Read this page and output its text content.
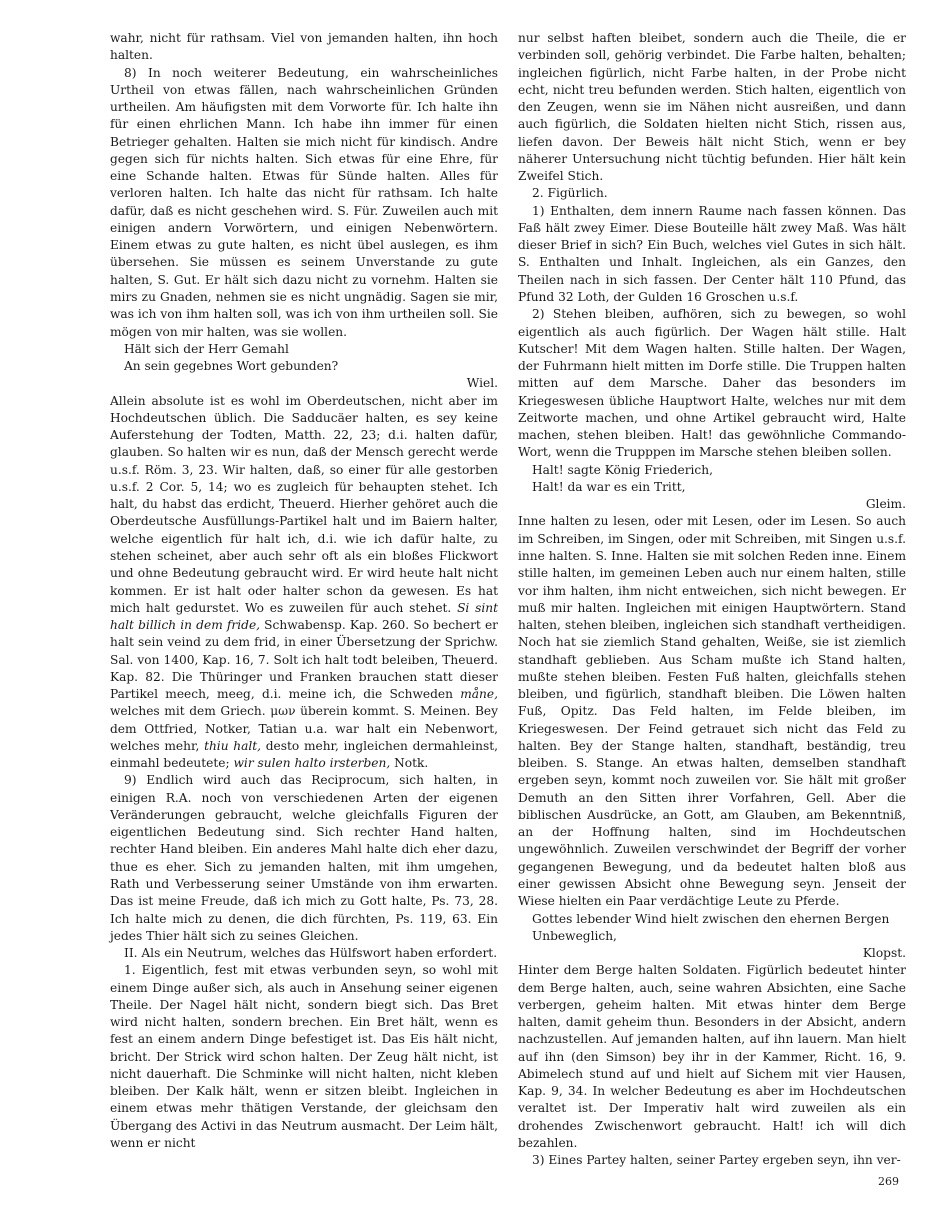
wahr, nicht für rathsam. Viel von jemanden halten, ihn hoch halten.

8) In noch weiterer Bedeutung, ein wahrscheinliches Urtheil von etwas fällen, nach wahrscheinlichen Gründen urtheilen. Am häufigsten mit dem Vorworte für. Ich halte ihn für einen ehrlichen Mann. Ich habe ihn immer für einen Betrieger gehalten. Halten sie mich nicht für kindisch. Andre gegen sich für nichts halten. Sich etwas für eine Ehre, für eine Schande halten. Etwas für Sünde halten. Alles für verloren halten. Ich halte das nicht für rathsam. Ich halte dafür, daß es nicht geschehen wird. S. Für. Zuweilen auch mit einigen andern Vorwörtern, und einigen Nebenwörtern. Einem etwas zu gute halten, es nicht übel auslegen, es ihm übersehen. Sie müssen es seinem Unverstande zu gute halten, S. Gut. Er hält sich dazu nicht zu vornehm. Halten sie mirs zu Gnaden, nehmen sie es nicht ungnädig. Sagen sie mir, was ich von ihm halten soll, was ich von ihm urtheilen soll. Sie mögen von mir halten, was sie wollen.

Hält sich der Herr Gemahl

An sein gegebnes Wort gebunden?

Wiel.

Allein absolute ist es wohl im Oberdeutschen, nicht aber im Hochdeutschen üblich. Die Sadducäer halten, es sey keine Auferstehung der Todten, Matth. 22, 23; d.i. halten dafür, glauben. So halten wir es nun, daß der Mensch gerecht werde u.s.f. Röm. 3, 23. Wir halten, daß, so einer für alle gestorben u.s.f. 2 Cor. 5, 14; wo es zugleich für behaupten stehet. Ich halt, du habst das erdicht, Theuerd. Hierher gehöret auch die Oberdeutsche Ausfüllungs-Partikel halt und im Baiern halter, welche eigentlich für halt ich, d.i. wie ich dafür halte, zu stehen scheinet, aber auch sehr oft als ein bloßes Flickwort und ohne Bedeutung gebraucht wird. Er wird heute halt nicht kommen. Er ist halt oder halter schon da gewesen. Es hat mich halt gedurstet. Wo es zuweilen für auch stehet. Si sint halt billich in dem fride, Schwabensp. Kap. 260. So bechert er halt sein veind zu dem frid, in einer Übersetzung der Sprichw. Sal. von 1400, Kap. 16, 7. Solt ich halt todt beleiben, Theuerd. Kap. 82. Die Thüringer und Franken brauchen statt dieser Partikel meech, meeg, d.i. meine ich, die Schweden måne, welches mit dem Griech. μων überein kommt. S. Meinen. Bey dem Ottfried, Notker, Tatian u.a. war halt ein Nebenwort, welches mehr, thiu halt, desto mehr, ingleichen dermahleinst, einmahl bedeutete; wir sulen halto irsterben, Notk.

9) Endlich wird auch das Reciprocum, sich halten, in einigen R.A. noch von verschiedenen Arten der eigenen Veränderungen gebraucht, welche gleichfalls Figuren der eigentlichen Bedeutung sind. Sich rechter Hand halten, rechter Hand bleiben. Ein anderes Mahl halte dich eher dazu, thue es eher. Sich zu jemanden halten, mit ihm umgehen, Rath und Verbesserung seiner Umstände von ihm erwarten. Das ist meine Freude, daß ich mich zu Gott halte, Ps. 73, 28. Ich halte mich zu denen, die dich fürchten, Ps. 119, 63. Ein jedes Thier hält sich zu seines Gleichen.

II. Als ein Neutrum, welches das Hülfswort haben erfordert.

1. Eigentlich, fest mit etwas verbunden seyn, so wohl mit einem Dinge außer sich, als auch in Ansehung seiner eigenen Theile. Der Nagel hält nicht, sondern biegt sich. Das Bret wird nicht halten, sondern brechen. Ein Bret hält, wenn es fest an einem andern Dinge befestiget ist. Das Eis hält nicht, bricht. Der Strick wird schon halten. Der Zeug hält nicht, ist nicht dauerhaft. Die Schminke will nicht halten, nicht kleben bleiben. Der Kalk hält, wenn er sitzen bleibt. Ingleichen in einem etwas mehr thätigen Verstande, der gleichsam den Übergang des Activi in das Neutrum ausmacht. Der Leim hält, wenn er nicht

nur selbst haften bleibet, sondern auch die Theile, die er verbinden soll, gehörig verbindet. Die Farbe halten, behalten; ingleichen figürlich, nicht Farbe halten, in der Probe nicht echt, nicht treu befunden werden. Stich halten, eigentlich von den Zeugen, wenn sie im Nähen nicht ausreißen, und dann auch figürlich, die Soldaten hielten nicht Stich, rissen aus, liefen davon. Der Beweis hält nicht Stich, wenn er bey näherer Untersuchung nicht tüchtig befunden. Hier hält kein Zweifel Stich.

2. Figürlich.

1) Enthalten, dem innern Raume nach fassen können. Das Faß hält zwey Eimer. Diese Bouteille hält zwey Maß. Was hält dieser Brief in sich? Ein Buch, welches viel Gutes in sich hält. S. Enthalten und Inhalt. Ingleichen, als ein Ganzes, den Theilen nach in sich fassen. Der Center hält 110 Pfund, das Pfund 32 Loth, der Gulden 16 Groschen u.s.f.

2) Stehen bleiben, aufhören, sich zu bewegen, so wohl eigentlich als auch figürlich. Der Wagen hält stille. Halt Kutscher! Mit dem Wagen halten. Stille halten. Der Wagen, der Fuhrmann hielt mitten im Dorfe stille. Die Truppen halten mitten auf dem Marsche. Daher das besonders im Kriegeswesen übliche Hauptwort Halte, welches nur mit dem Zeitworte machen, und ohne Artikel gebraucht wird, Halte machen, stehen bleiben. Halt! das gewöhnliche Commando-Wort, wenn die Trupppen im Marsche stehen bleiben sollen.

Halt! sagte König Friederich,

Halt! da war es ein Tritt,

Gleim.

Inne halten zu lesen, oder mit Lesen, oder im Lesen. So auch im Schreiben, im Singen, oder mit Schreiben, mit Singen u.s.f. inne halten. S. Inne. Halten sie mit solchen Reden inne. Einem stille halten, im gemeinen Leben auch nur einem halten, stille vor ihm halten, ihm nicht entweichen, sich nicht bewegen. Er muß mir halten. Ingleichen mit einigen Hauptwörtern. Stand halten, stehen bleiben, ingleichen sich standhaft vertheidigen. Noch hat sie ziemlich Stand gehalten, Weiße, sie ist ziemlich standhaft geblieben. Aus Scham mußte ich Stand halten, mußte stehen bleiben. Festen Fuß halten, gleichfalls stehen bleiben, und figürlich, standhaft bleiben. Die Löwen halten Fuß, Opitz. Das Feld halten, im Felde bleiben, im Kriegeswesen. Der Feind getrauet sich nicht das Feld zu halten. Bey der Stange halten, standhaft, beständig, treu bleiben. S. Stange. An etwas halten, demselben standhaft ergeben seyn, kommt noch zuweilen vor. Sie hält mit großer Demuth an den Sitten ihrer Vorfahren, Gell. Aber die biblischen Ausdrücke, an Gott, am Glauben, am Bekenntniß, an der Hoffnung halten, sind im Hochdeutschen ungewöhnlich. Zuweilen verschwindet der Begriff der vorher gegangenen Bewegung, und da bedeutet halten bloß aus einer gewissen Absicht ohne Bewegung seyn. Jenseit der Wiese hielten ein Paar verdächtige Leute zu Pferde.

Gottes lebender Wind hielt zwischen den ehernen Bergen

Unbeweglich,

Klopst.

Hinter dem Berge halten Soldaten. Figürlich bedeutet hinter dem Berge halten, auch, seine wahren Absichten, eine Sache verbergen, geheim halten. Mit etwas hinter dem Berge halten, damit geheim thun. Besonders in der Absicht, andern nachzustellen. Auf jemanden halten, auf ihn lauern. Man hielt auf ihn (den Simson) bey ihr in der Kammer, Richt. 16, 9. Abimelech stund auf und hielt auf Sichem mit vier Hausen, Kap. 9, 34. In welcher Bedeutung es aber im Hochdeutschen veraltet ist. Der Imperativ halt wird zuweilen als ein drohendes Zwischenwort gebraucht. Halt! ich will dich bezahlen.

3) Eines Partey halten, seiner Partey ergeben seyn, ihn ver-

269
